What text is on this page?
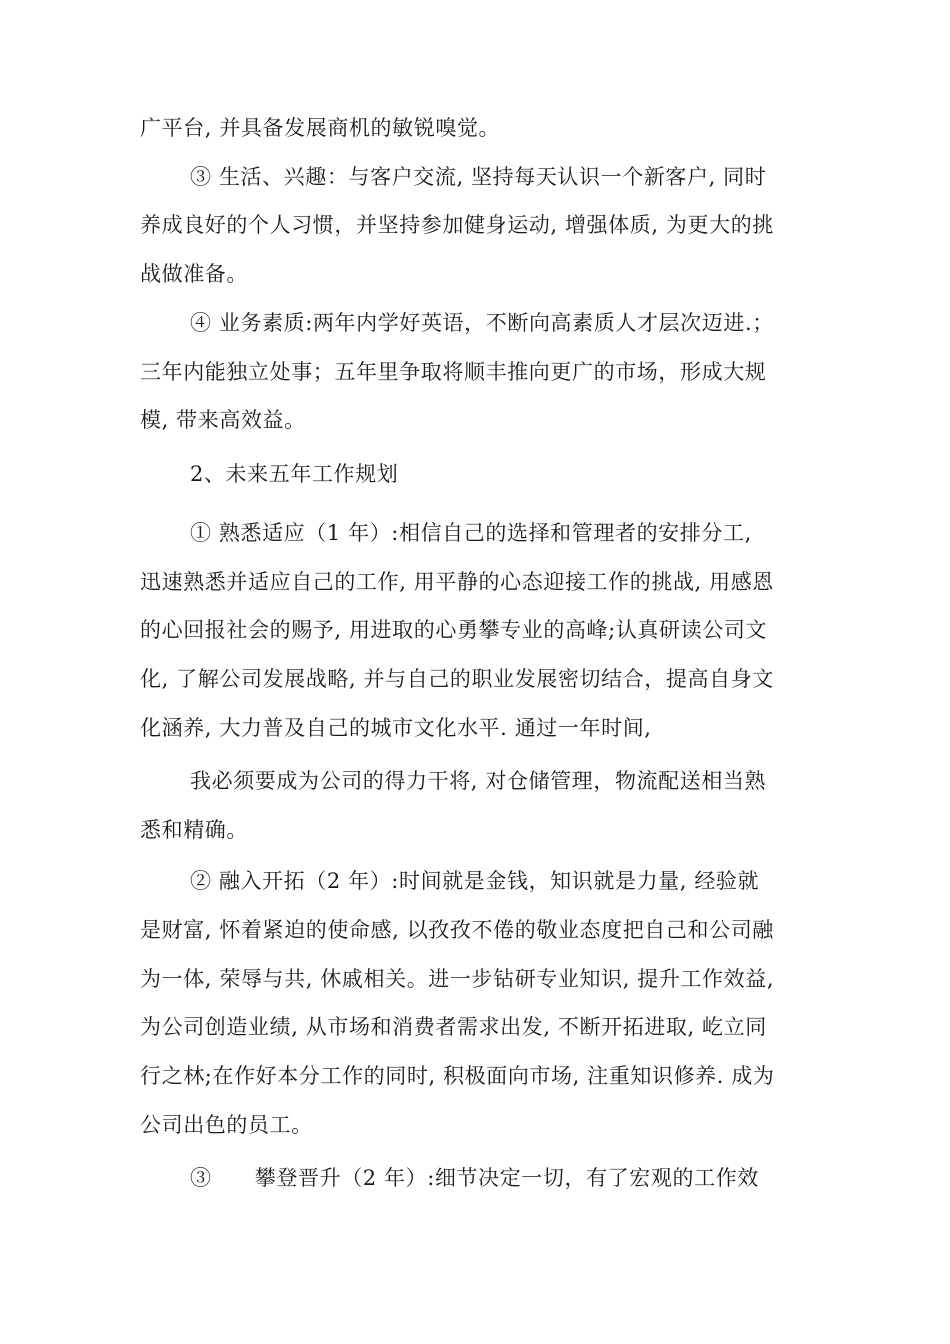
广平台, 并具备发展商机的敏锐嗅觉。
③ 生活、兴趣：与客户交流, 坚持每天认识一个新客户, 同时
养成良好的个人习惯，并坚持参加健身运动, 增强体质, 为更大的挑
战做准备。
④ 业务素质:两年内学好英语，不断向高素质人才层次迈进.；
三年内能独立处事；五年里争取将顺丰推向更广的市场，形成大规
模, 带来高效益。
2、未来五年工作规划
① 熟悉适应（1 年）:相信自己的选择和管理者的安排分工,
迅速熟悉并适应自己的工作, 用平静的心态迎接工作的挑战, 用感恩
的心回报社会的赐予, 用进取的心勇攀专业的高峰;认真研读公司文
化, 了解公司发展战略, 并与自己的职业发展密切结合，提高自身文
化涵养, 大力普及自己的城市文化水平. 通过一年时间,
我必须要成为公司的得力干将, 对仓储管理，物流配送相当熟
悉和精确。
② 融入开拓（2 年）:时间就是金钱，知识就是力量, 经验就
是财富, 怀着紧迫的使命感, 以孜孜不倦的敬业态度把自己和公司融
为一体, 荣辱与共, 休戚相关。进一步钻研专业知识, 提升工作效益,
为公司创造业绩, 从市场和消费者需求出发, 不断开拓进取, 屹立同
行之林;在作好本分工作的同时, 积极面向市场, 注重知识修养. 成为
公司出色的员工。
③　　攀登晋升（2 年）:细节决定一切，有了宏观的工作效
